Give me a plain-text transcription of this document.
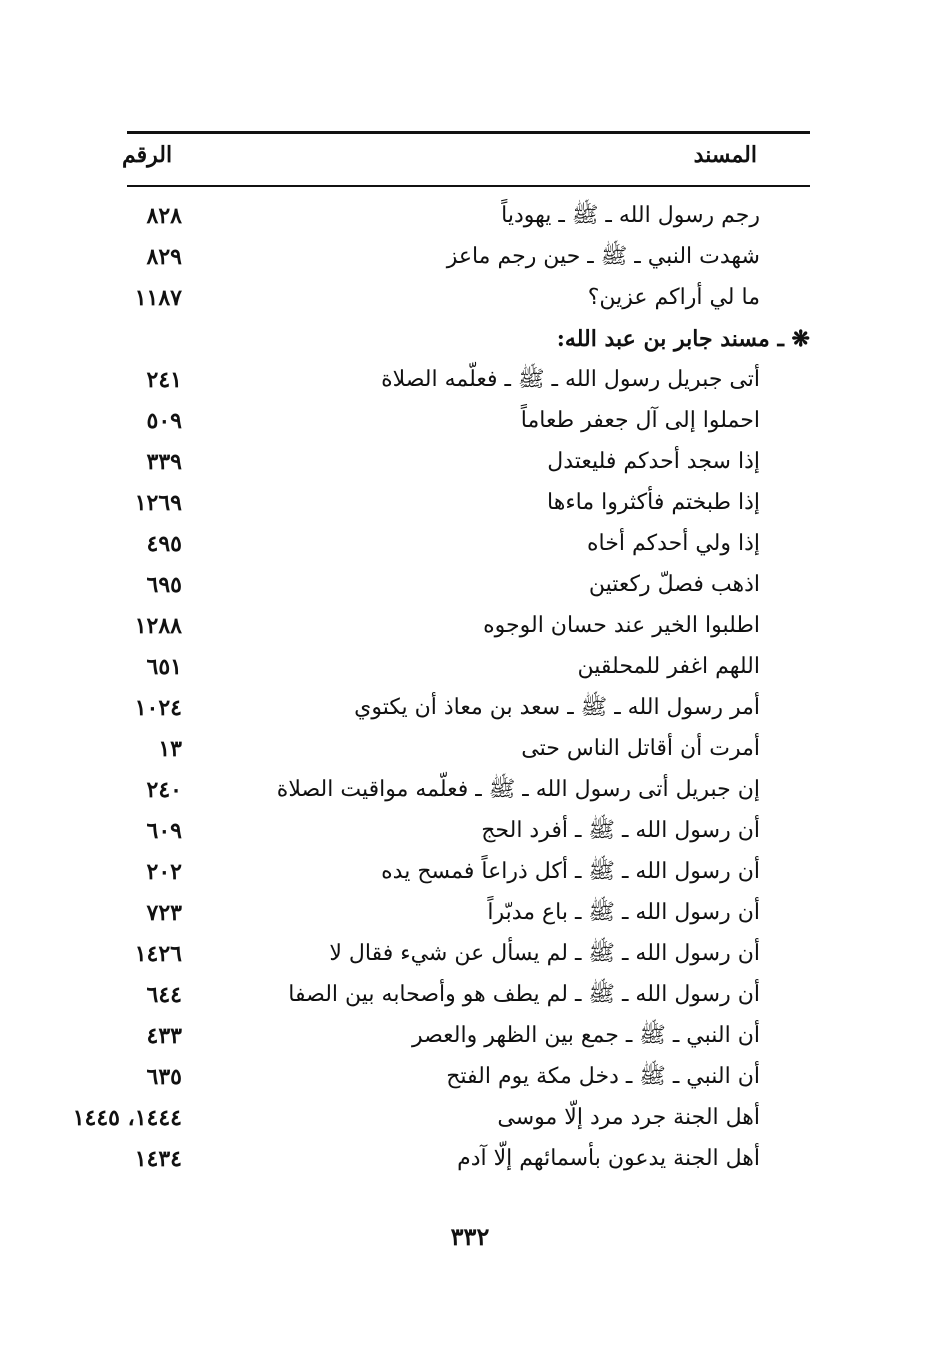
المسند
الرقم
رجم رسول الله ـ ﷺ ـ يهودياً
٨٢٨
شهدت النبي ـ ﷺ ـ حين رجم ماعز
٨٢٩
ما لي أراكم عزين؟
١١٨٧
❋ ـ مسند جابر بن عبد الله:
أتى جبريل رسول الله ـ ﷺ ـ فعلّمه الصلاة
٢٤١
احملوا إلى آل جعفر طعاماً
٥٠٩
إذا سجد أحدكم فليعتدل
٣٣٩
إذا طبختم فأكثروا ماءها
١٢٦٩
إذا ولي أحدكم أخاه
٤٩٥
اذهب فصلّ ركعتين
٦٩٥
اطلبوا الخير عند حسان الوجوه
١٢٨٨
اللهم اغفر للمحلقين
٦٥١
أمر رسول الله ـ ﷺ ـ سعد بن معاذ أن يكتوي
١٠٢٤
أمرت أن أقاتل الناس حتى
١٣
إن جبريل أتى رسول الله ـ ﷺ ـ فعلّمه مواقيت الصلاة
٢٤٠
أن رسول الله ـ ﷺ ـ أفرد الحج
٦٠٩
أن رسول الله ـ ﷺ ـ أكل ذراعاً فمسح يده
٢٠٢
أن رسول الله ـ ﷺ ـ باع مدبّراً
٧٢٣
أن رسول الله ـ ﷺ ـ لم يسأل عن شيء فقال لا
١٤٢٦
أن رسول الله ـ ﷺ ـ لم يطف هو وأصحابه بين الصفا
٦٤٤
أن النبي ـ ﷺ ـ جمع بين الظهر والعصر
٤٣٣
أن النبي ـ ﷺ ـ دخل مكة يوم الفتح
٦٣٥
أهل الجنة جرد مرد إلّا موسى
١٤٤٤، ١٤٤٥
أهل الجنة يدعون بأسمائهم إلّا آدم
١٤٣٤
٣٣٢
